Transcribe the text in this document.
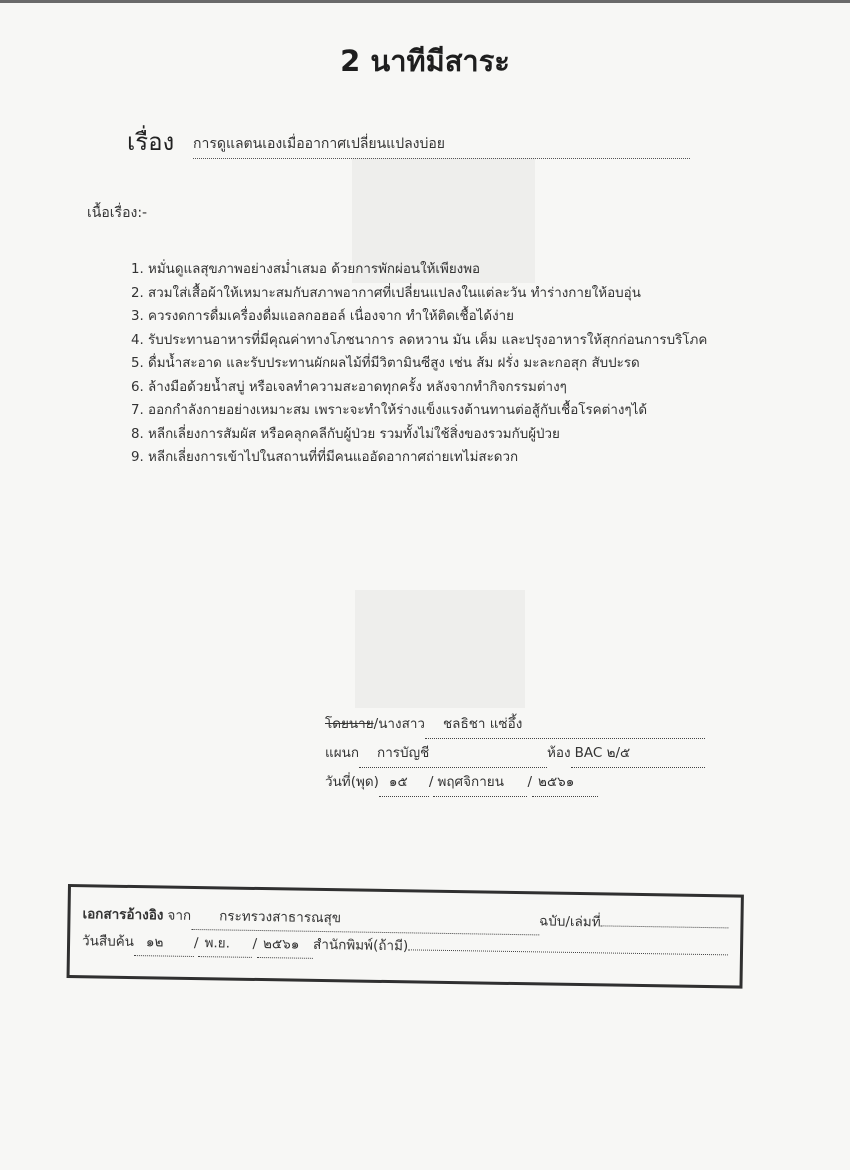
2 นาทีมีสาระ
เรื่อง การดูแลตนเองเมื่ออากาศเปลี่ยนแปลงบ่อย
เนื้อเรื่อง:-
1. หมั่นดูแลสุขภาพอย่างสม่ำเสมอ ด้วยการพักผ่อนให้เพียงพอ
2. สวมใส่เสื้อผ้าให้เหมาะสมกับสภาพอากาศที่เปลี่ยนแปลงในแต่ละวัน ทำร่างกายให้อบอุ่น
3. ควรงดการดื่มเครื่องดื่มแอลกอฮอล์ เนื่องจาก ทำให้ติดเชื้อได้ง่าย
4. รับประทานอาหารที่มีคุณค่าทางโภชนาการ ลดหวาน มัน เค็ม และปรุงอาหารให้สุกก่อนการบริโภค
5. ดื่มน้ำสะอาด และรับประทานผักผลไม้ที่มีวิตามินซีสูง เช่น ส้ม ฝรั่ง มะละกอสุก สับปะรด
6. ล้างมือด้วยน้ำสบู่ หรือเจลทำความสะอาดทุกครั้ง หลังจากทำกิจกรรมต่างๆ
7. ออกกำลังกายอย่างเหมาะสม เพราะจะทำให้ร่างแข็งแรงต้านทานต่อสู้กับเชื้อโรคต่างๆได้
8. หลีกเลี่ยงการสัมผัส หรือคลุกคลีกับผู้ป่วย รวมทั้งไม่ใช้สิ่งของรวมกับผู้ป่วย
9. หลีกเลี่ยงการเข้าไปในสถานที่ที่มีคนแออัดอากาศถ่ายเทไม่สะดวก
โดยนาย /นางสาว	ชลธิชา แซ่อึ้ง
แผนก	การบัญชี	ห้อง BAC ๒/๕
วันที่(พุด) ๑๕	/ พฤศจิกายน	/ ๒๕๖๑
เอกสารอ้างอิง จาก	กระทรวงสาธารณสุข	ฉบับ/เล่มที่
วันสืบค้น ๑๒	/ พ.ย.	/ ๒๕๖๑ สำนักพิมพ์(ถ้ามี)
